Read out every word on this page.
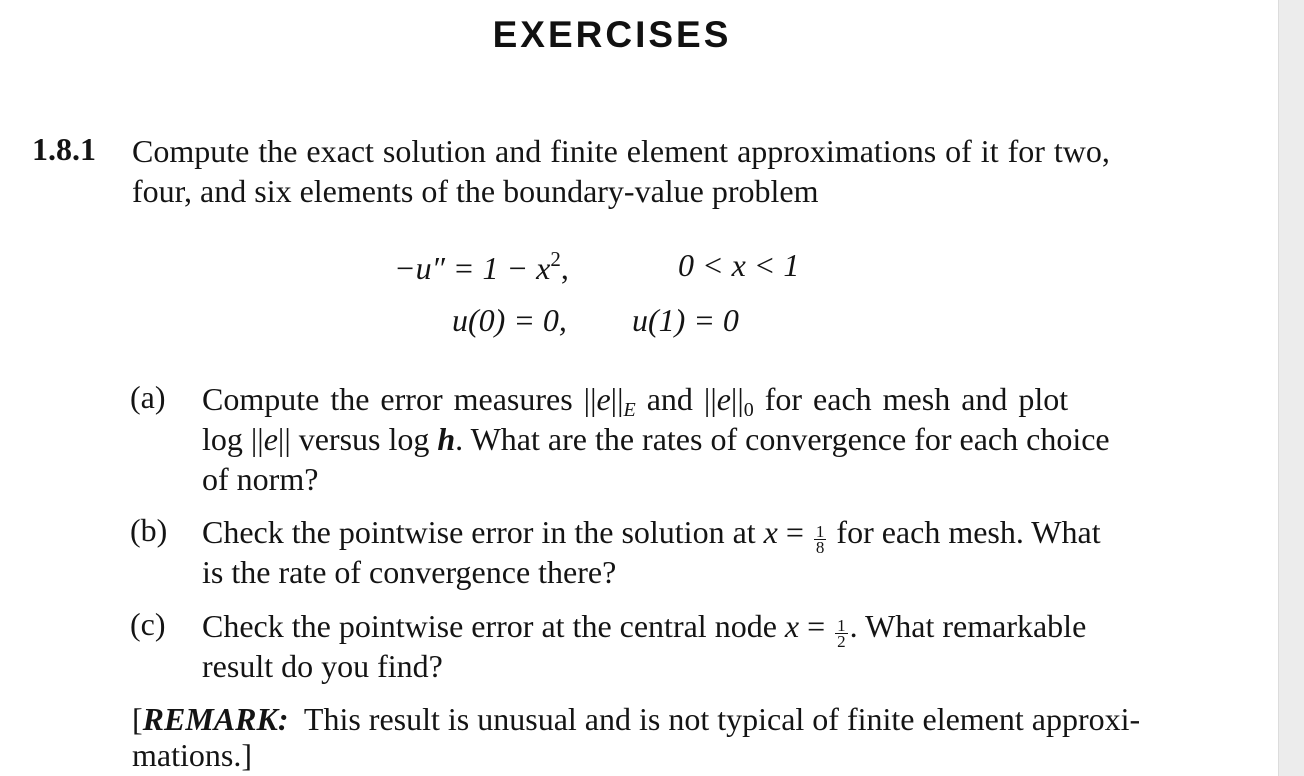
EXERCISES
1.8.1 Compute the exact solution and finite element approximations of it for two,
four, and six elements of the boundary-value problem
$-u'' = 1 - x^2$,	0 < x < 1
u(0) = 0, u(1) = 0
(a) Compute the error measures $||e||_E$ and $||e||_0$ for each mesh and plot
log ||e|| versus log h. What are the rates of convergence for each choice
of norm?
(b) Check the pointwise error in the solution at $x = \frac{1}{8}$ for each mesh. What
is the rate of convergence there?
(c) Check the pointwise error at the central node $x = \frac{1}{2}$ . What remarkable
result do you find?
[REMARK:  This result is unusual and is not typical of finite element approxi-
mations.]
